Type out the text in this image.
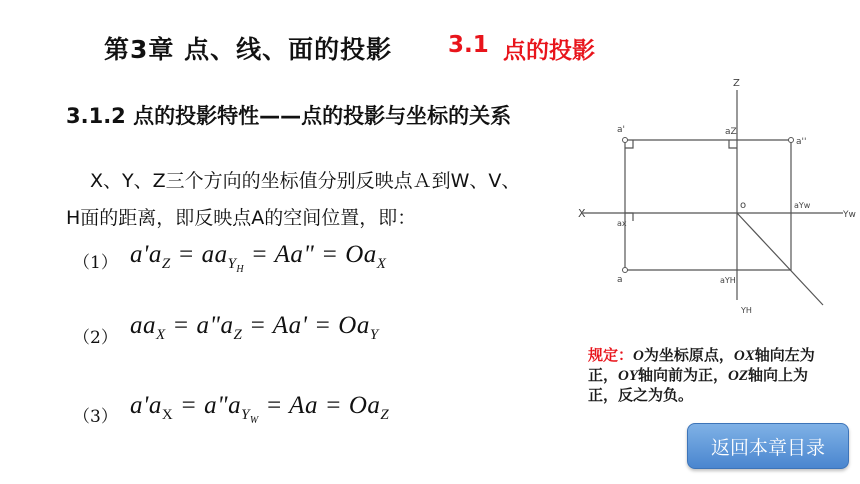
第3章 点、线、面的投影 3.1 点的投影
3.1.2 点的投影特性——点的投影与坐标的关系
X、Y、Z三个方向的坐标值分别反映点Ａ到W、V、
H面的距离，即反映点A的空间位置，即：
（1） $a'a_Z = aa_{Y_H} = Aa$" = $Oa_X$
（2） $aa_X$ = $a"a_Z = Aa' = Oa_Y$
（3） $a'a_X$ = $a"a_{Y_W} = Aa = Oa_Z$
Z
X	Yw
YH
o
a'
a''
a
aZ
ax
aYw
aYH
规定：O为坐标原点，OX轴向左为正，OY轴向前为正，OZ轴向上为正，反之为负。
返回本章目录
